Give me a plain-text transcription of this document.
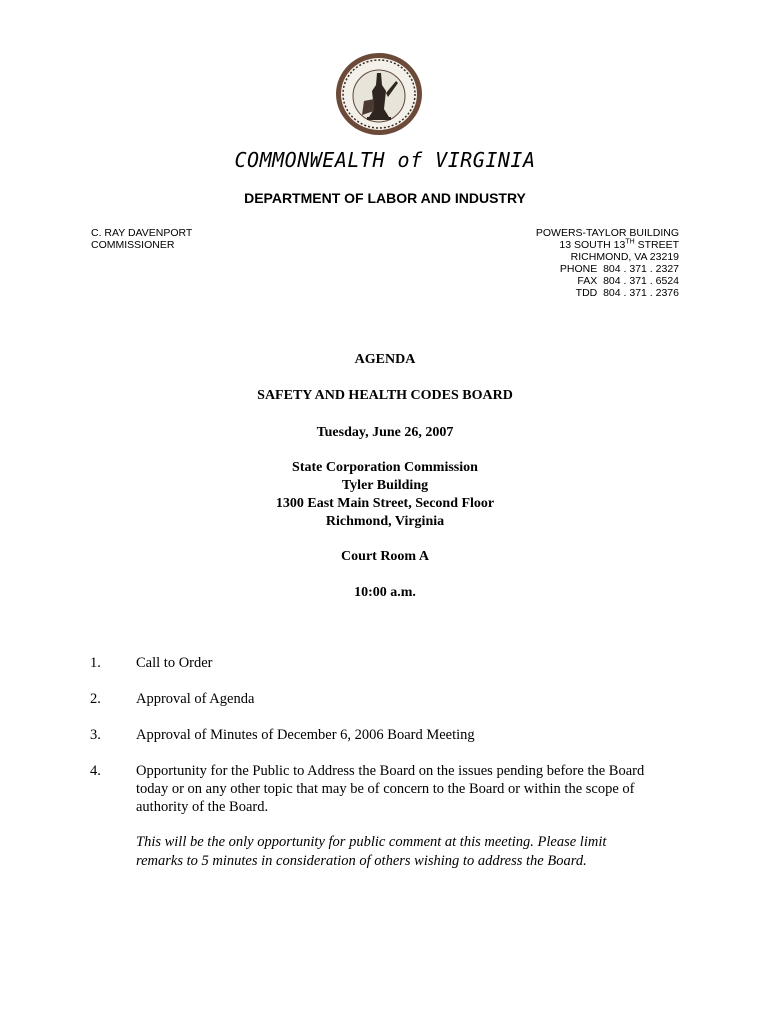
COMMONWEALTH of VIRGINIA
DEPARTMENT OF LABOR AND INDUSTRY
C. RAY DAVENPORT
COMMISSIONER
POWERS-TAYLOR BUILDING
13 SOUTH 13TH STREET
RICHMOND, VA 23219
PHONE  804 . 371 . 2327
FAX  804 . 371 . 6524
TDD  804 . 371 . 2376
AGENDA
SAFETY AND HEALTH CODES BOARD
Tuesday, June 26, 2007
State Corporation Commission
Tyler Building
1300 East Main Street, Second Floor
Richmond, Virginia
Court Room A
10:00 a.m.
1. Call to Order
2. Approval of Agenda
3. Approval of Minutes of December 6, 2006 Board Meeting
4. Opportunity for the Public to Address the Board on the issues pending before the Board today or on any other topic that may be of concern to the Board or within the scope of authority of the Board.
This will be the only opportunity for public comment at this meeting. Please limit remarks to 5 minutes in consideration of others wishing to address the Board.
